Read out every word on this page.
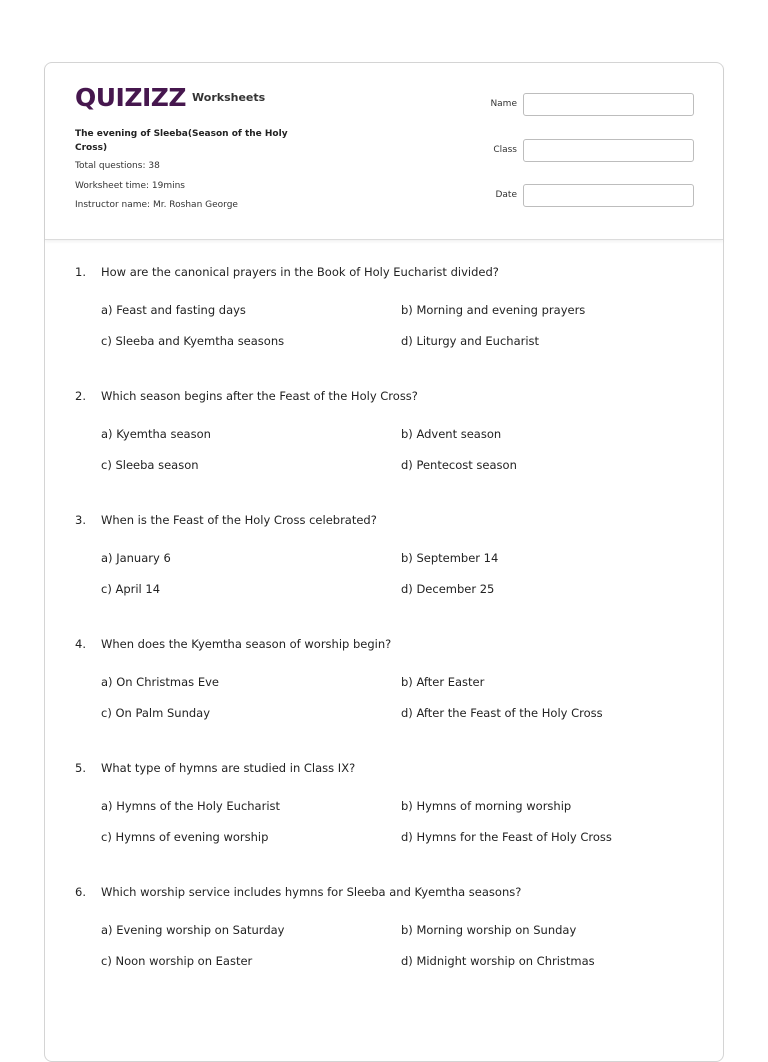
QUIZIZZ Worksheets
The evening of Sleeba(Season of the Holy Cross)
Total questions: 38
Worksheet time: 19mins
Instructor name: Mr. Roshan George
Name
Class
Date
1.	How are the canonical prayers in the Book of Holy Eucharist divided?
a) Feast and fasting days	b) Morning and evening prayers
c) Sleeba and Kyemtha seasons	d) Liturgy and Eucharist
2.	Which season begins after the Feast of the Holy Cross?
a) Kyemtha season	b) Advent season
c) Sleeba season	d) Pentecost season
3.	When is the Feast of the Holy Cross celebrated?
a) January 6	b) September 14
c) April 14	d) December 25
4.	When does the Kyemtha season of worship begin?
a) On Christmas Eve	b) After Easter
c) On Palm Sunday	d) After the Feast of the Holy Cross
5.	What type of hymns are studied in Class IX?
a) Hymns of the Holy Eucharist	b) Hymns of morning worship
c) Hymns of evening worship	d) Hymns for the Feast of Holy Cross
6.	Which worship service includes hymns for Sleeba and Kyemtha seasons?
a) Evening worship on Saturday	b) Morning worship on Sunday
c) Noon worship on Easter	d) Midnight worship on Christmas
